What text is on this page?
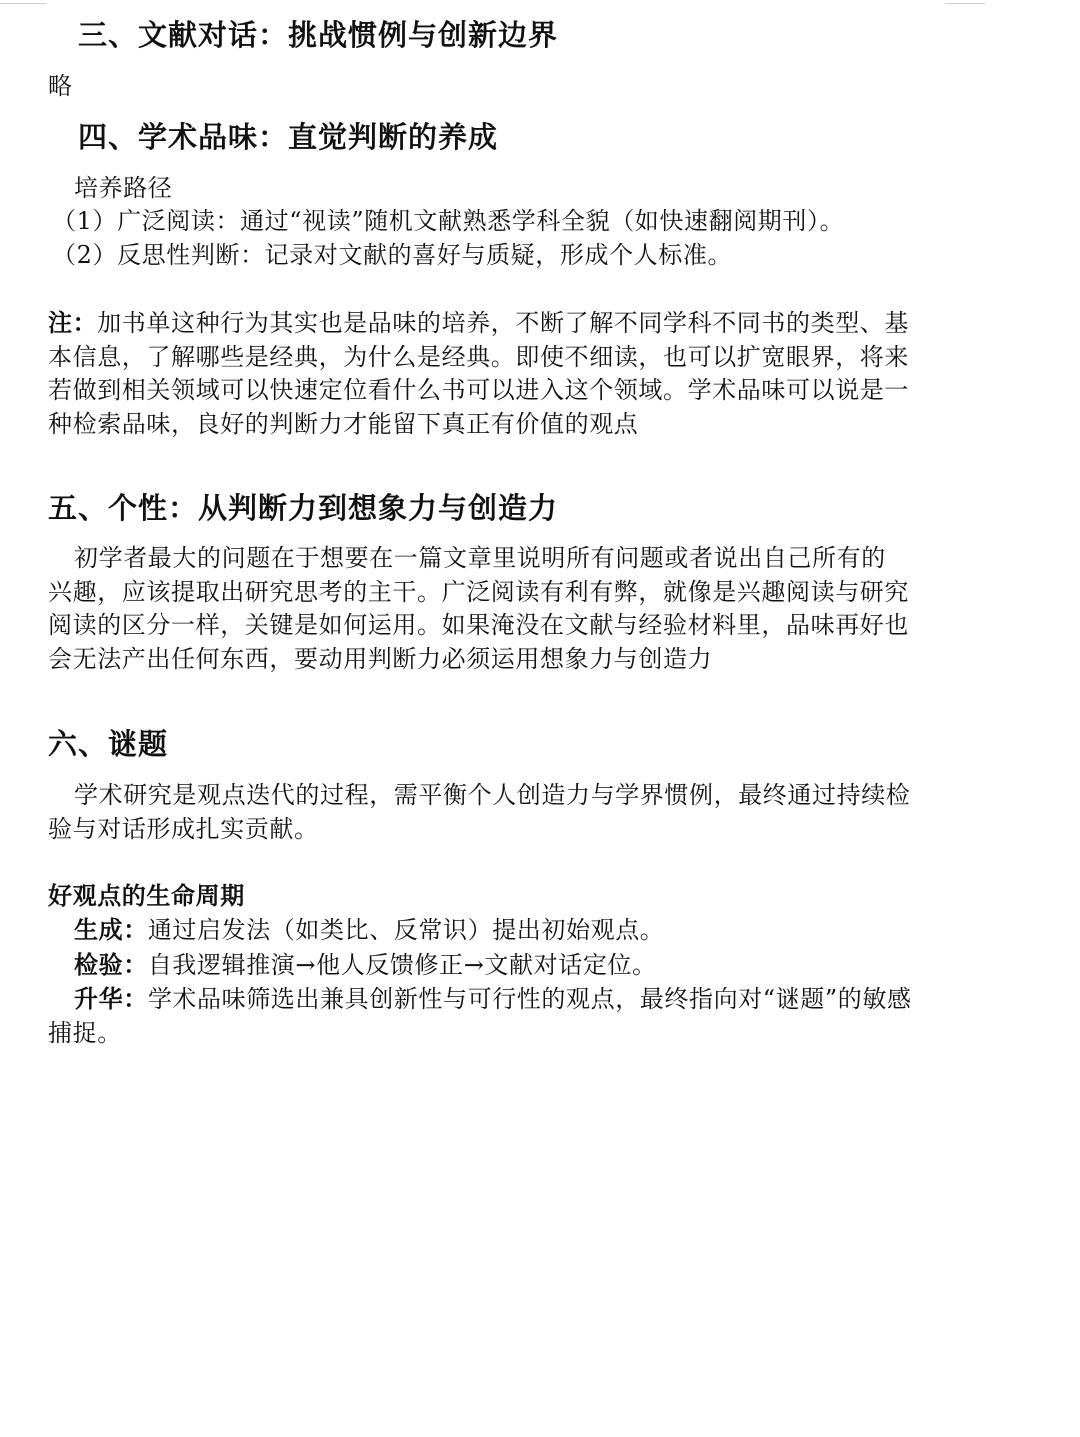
三、文献对话：挑战惯例与创新边界

略

四、学术品味：直觉判断的养成

培养路径

（1）广泛阅读：通过“视读”随机文献熟悉学科全貌（如快速翻阅期刊）。

（2）反思性判断：记录对文献的喜好与质疑，形成个人标准。

注：加书单这种行为其实也是品味的培养，不断了解不同学科不同书的类型、基
本信息，了解哪些是经典，为什么是经典。即使不细读，也可以扩宽眼界，将来
若做到相关领域可以快速定位看什么书可以进入这个领域。学术品味可以说是一
种检索品味，良好的判断力才能留下真正有价值的观点
五、个性：从判断力到想象力与创造力
初学者最大的问题在于想要在一篇文章里说明所有问题或者说出自己所有的
兴趣，应该提取出研究思考的主干。广泛阅读有利有弊，就像是兴趣阅读与研究
阅读的区分一样，关键是如何运用。如果淹没在文献与经验材料里，品味再好也
会无法产出任何东西，要动用判断力必须运用想象力与创造力
六、谜题
学术研究是观点迭代的过程，需平衡个人创造力与学界惯例，最终通过持续检
验与对话形成扎实贡献。

好观点的生命周期

生成：通过启发法（如类比、反常识）提出初始观点。
检验：自我逻辑推演→他人反馈修正→文献对话定位。
升华：学术品味筛选出兼具创新性与可行性的观点，最终指向对“谜题”的敏感
捕捉。
